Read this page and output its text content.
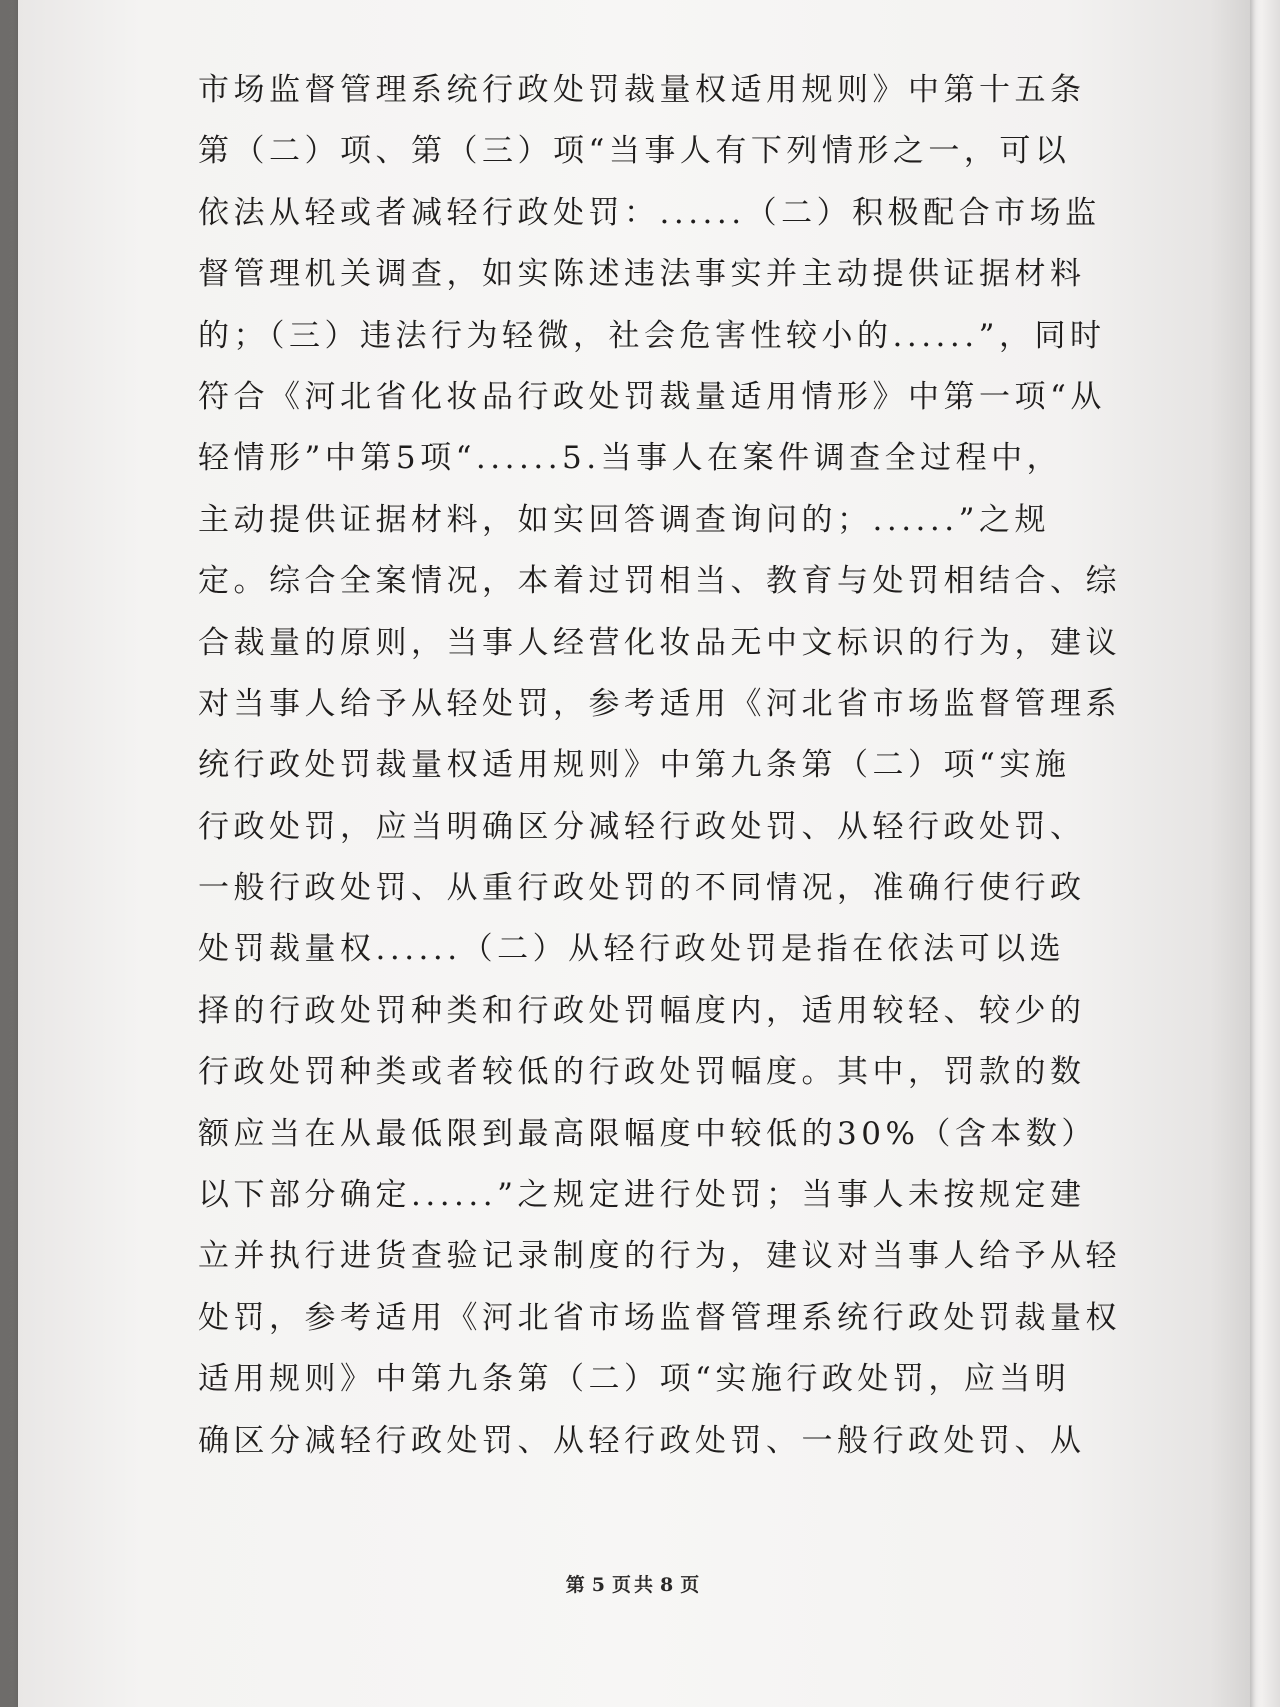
市场监督管理系统行政处罚裁量权适用规则》中第十五条
第（二）项、第（三）项“当事人有下列情形之一，可以
依法从轻或者减轻行政处罚：......（二）积极配合市场监
督管理机关调查，如实陈述违法事实并主动提供证据材料
的；（三）违法行为轻微，社会危害性较小的......”，同时
符合《河北省化妆品行政处罚裁量适用情形》中第一项“从
轻情形”中第5项“......5.当事人在案件调查全过程中，
主动提供证据材料，如实回答调查询问的；......”之规
定。综合全案情况，本着过罚相当、教育与处罚相结合、综
合裁量的原则，当事人经营化妆品无中文标识的行为，建议
对当事人给予从轻处罚，参考适用《河北省市场监督管理系
统行政处罚裁量权适用规则》中第九条第（二）项“实施
行政处罚，应当明确区分减轻行政处罚、从轻行政处罚、
一般行政处罚、从重行政处罚的不同情况，准确行使行政
处罚裁量权......（二）从轻行政处罚是指在依法可以选
择的行政处罚种类和行政处罚幅度内，适用较轻、较少的
行政处罚种类或者较低的行政处罚幅度。其中，罚款的数
额应当在从最低限到最高限幅度中较低的30%（含本数）
以下部分确定......”之规定进行处罚；当事人未按规定建
立并执行进货查验记录制度的行为，建议对当事人给予从轻
处罚，参考适用《河北省市场监督管理系统行政处罚裁量权
适用规则》中第九条第（二）项“实施行政处罚，应当明
确区分减轻行政处罚、从轻行政处罚、一般行政处罚、从
第 5 页共 8 页
